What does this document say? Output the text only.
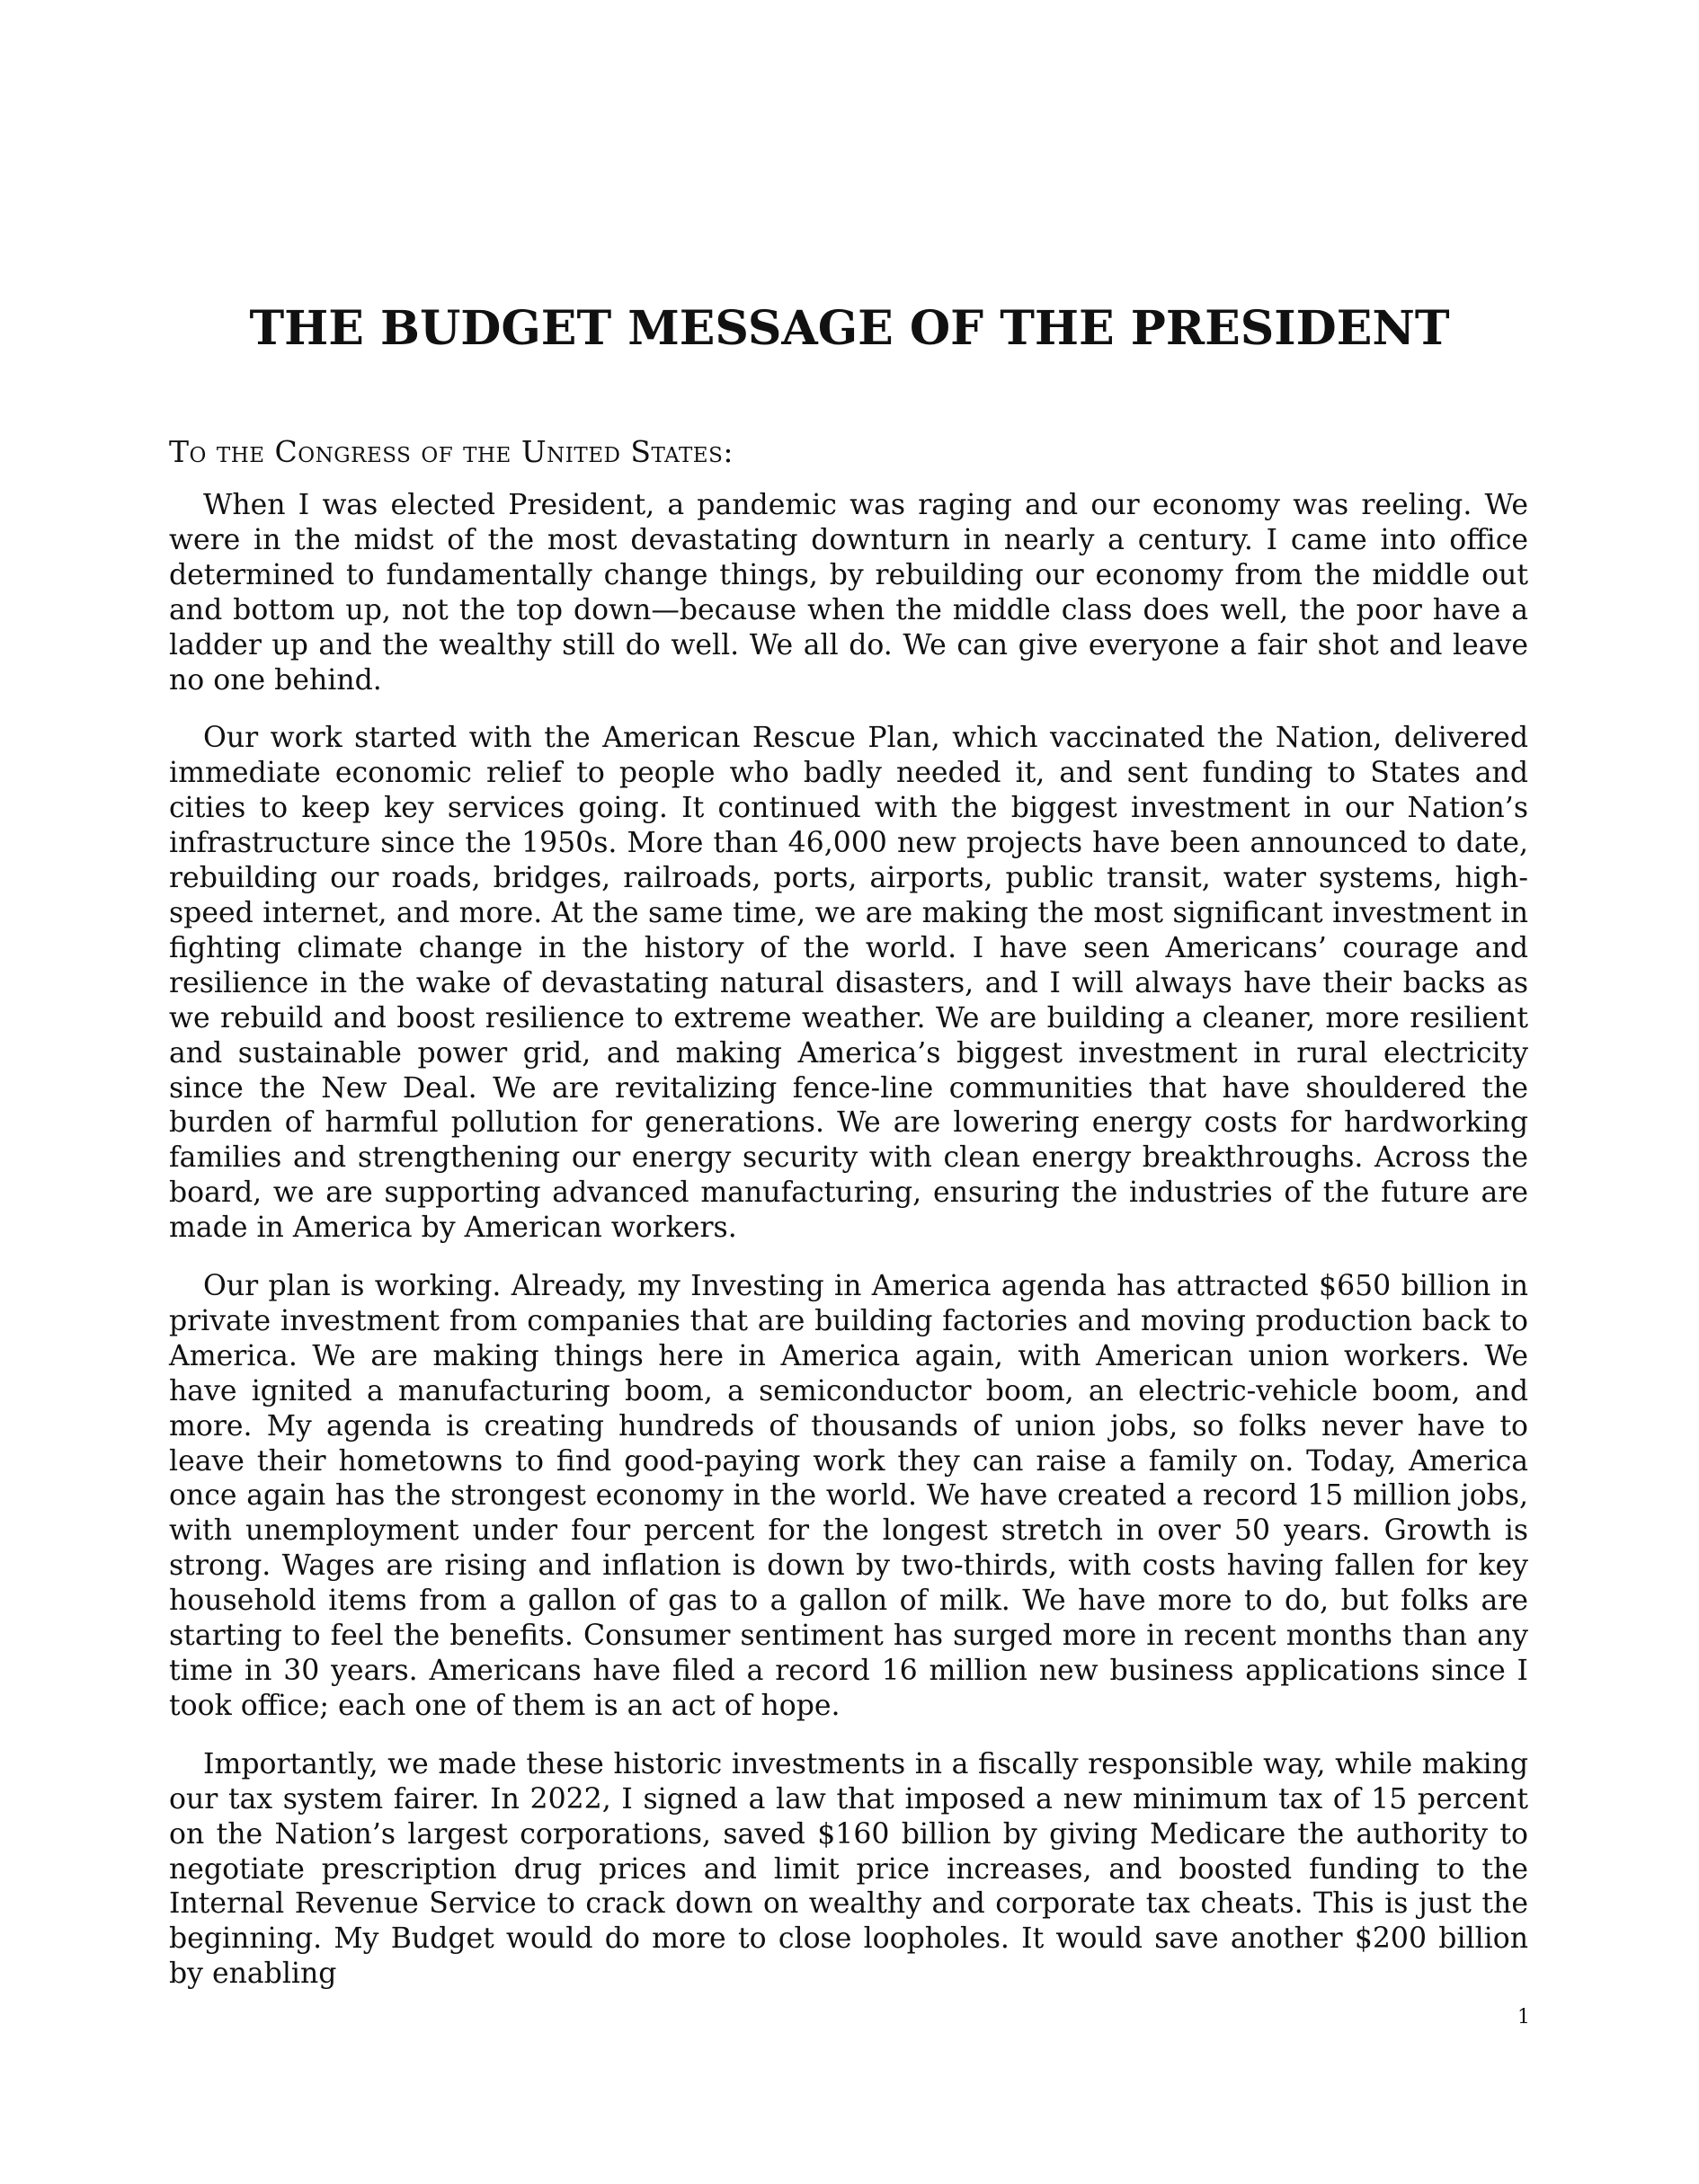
THE BUDGET MESSAGE OF THE PRESIDENT

To the Congress of the United States:

When I was elected President, a pandemic was raging and our economy was reeling. We were in the midst of the most devastating downturn in nearly a century. I came into office determined to fundamentally change things, by rebuilding our economy from the middle out and bottom up, not the top down—because when the middle class does well, the poor have a ladder up and the wealthy still do well. We all do. We can give everyone a fair shot and leave no one behind.

Our work started with the American Rescue Plan, which vaccinated the Nation, delivered immediate economic relief to people who badly needed it, and sent funding to States and cities to keep key services going. It continued with the biggest investment in our Nation’s infrastructure since the 1950s. More than 46,000 new projects have been announced to date, rebuilding our roads, bridges, railroads, ports, airports, public transit, water systems, high-speed internet, and more. At the same time, we are making the most significant investment in fighting climate change in the history of the world. I have seen Americans’ courage and resilience in the wake of devastating natural disasters, and I will always have their backs as we rebuild and boost resilience to extreme weather. We are building a cleaner, more resilient and sustainable power grid, and making America’s biggest investment in rural electricity since the New Deal. We are revitalizing fence-line communities that have shouldered the burden of harmful pollution for generations. We are lowering energy costs for hardworking families and strengthening our energy security with clean energy breakthroughs. Across the board, we are supporting advanced manufacturing, ensuring the industries of the future are made in America by American workers.

Our plan is working. Already, my Investing in America agenda has attracted $650 billion in private investment from companies that are building factories and moving production back to America. We are making things here in America again, with American union workers. We have ignited a manufacturing boom, a semiconductor boom, an electric-vehicle boom, and more. My agenda is creating hundreds of thousands of union jobs, so folks never have to leave their hometowns to find good-paying work they can raise a family on. Today, America once again has the strongest economy in the world. We have created a record 15 million jobs, with unemployment under four percent for the longest stretch in over 50 years. Growth is strong. Wages are rising and inflation is down by two-thirds, with costs having fallen for key household items from a gallon of gas to a gallon of milk. We have more to do, but folks are starting to feel the benefits. Consumer sentiment has surged more in recent months than any time in 30 years. Americans have filed a record 16 million new business applications since I took office; each one of them is an act of hope.

Importantly, we made these historic investments in a fiscally responsible way, while making our tax system fairer. In 2022, I signed a law that imposed a new minimum tax of 15 percent on the Nation’s largest corporations, saved $160 billion by giving Medicare the authority to negotiate prescription drug prices and limit price increases, and boosted funding to the Internal Revenue Service to crack down on wealthy and corporate tax cheats. This is just the beginning. My Budget would do more to close loopholes. It would save another $200 billion by enabling

1
